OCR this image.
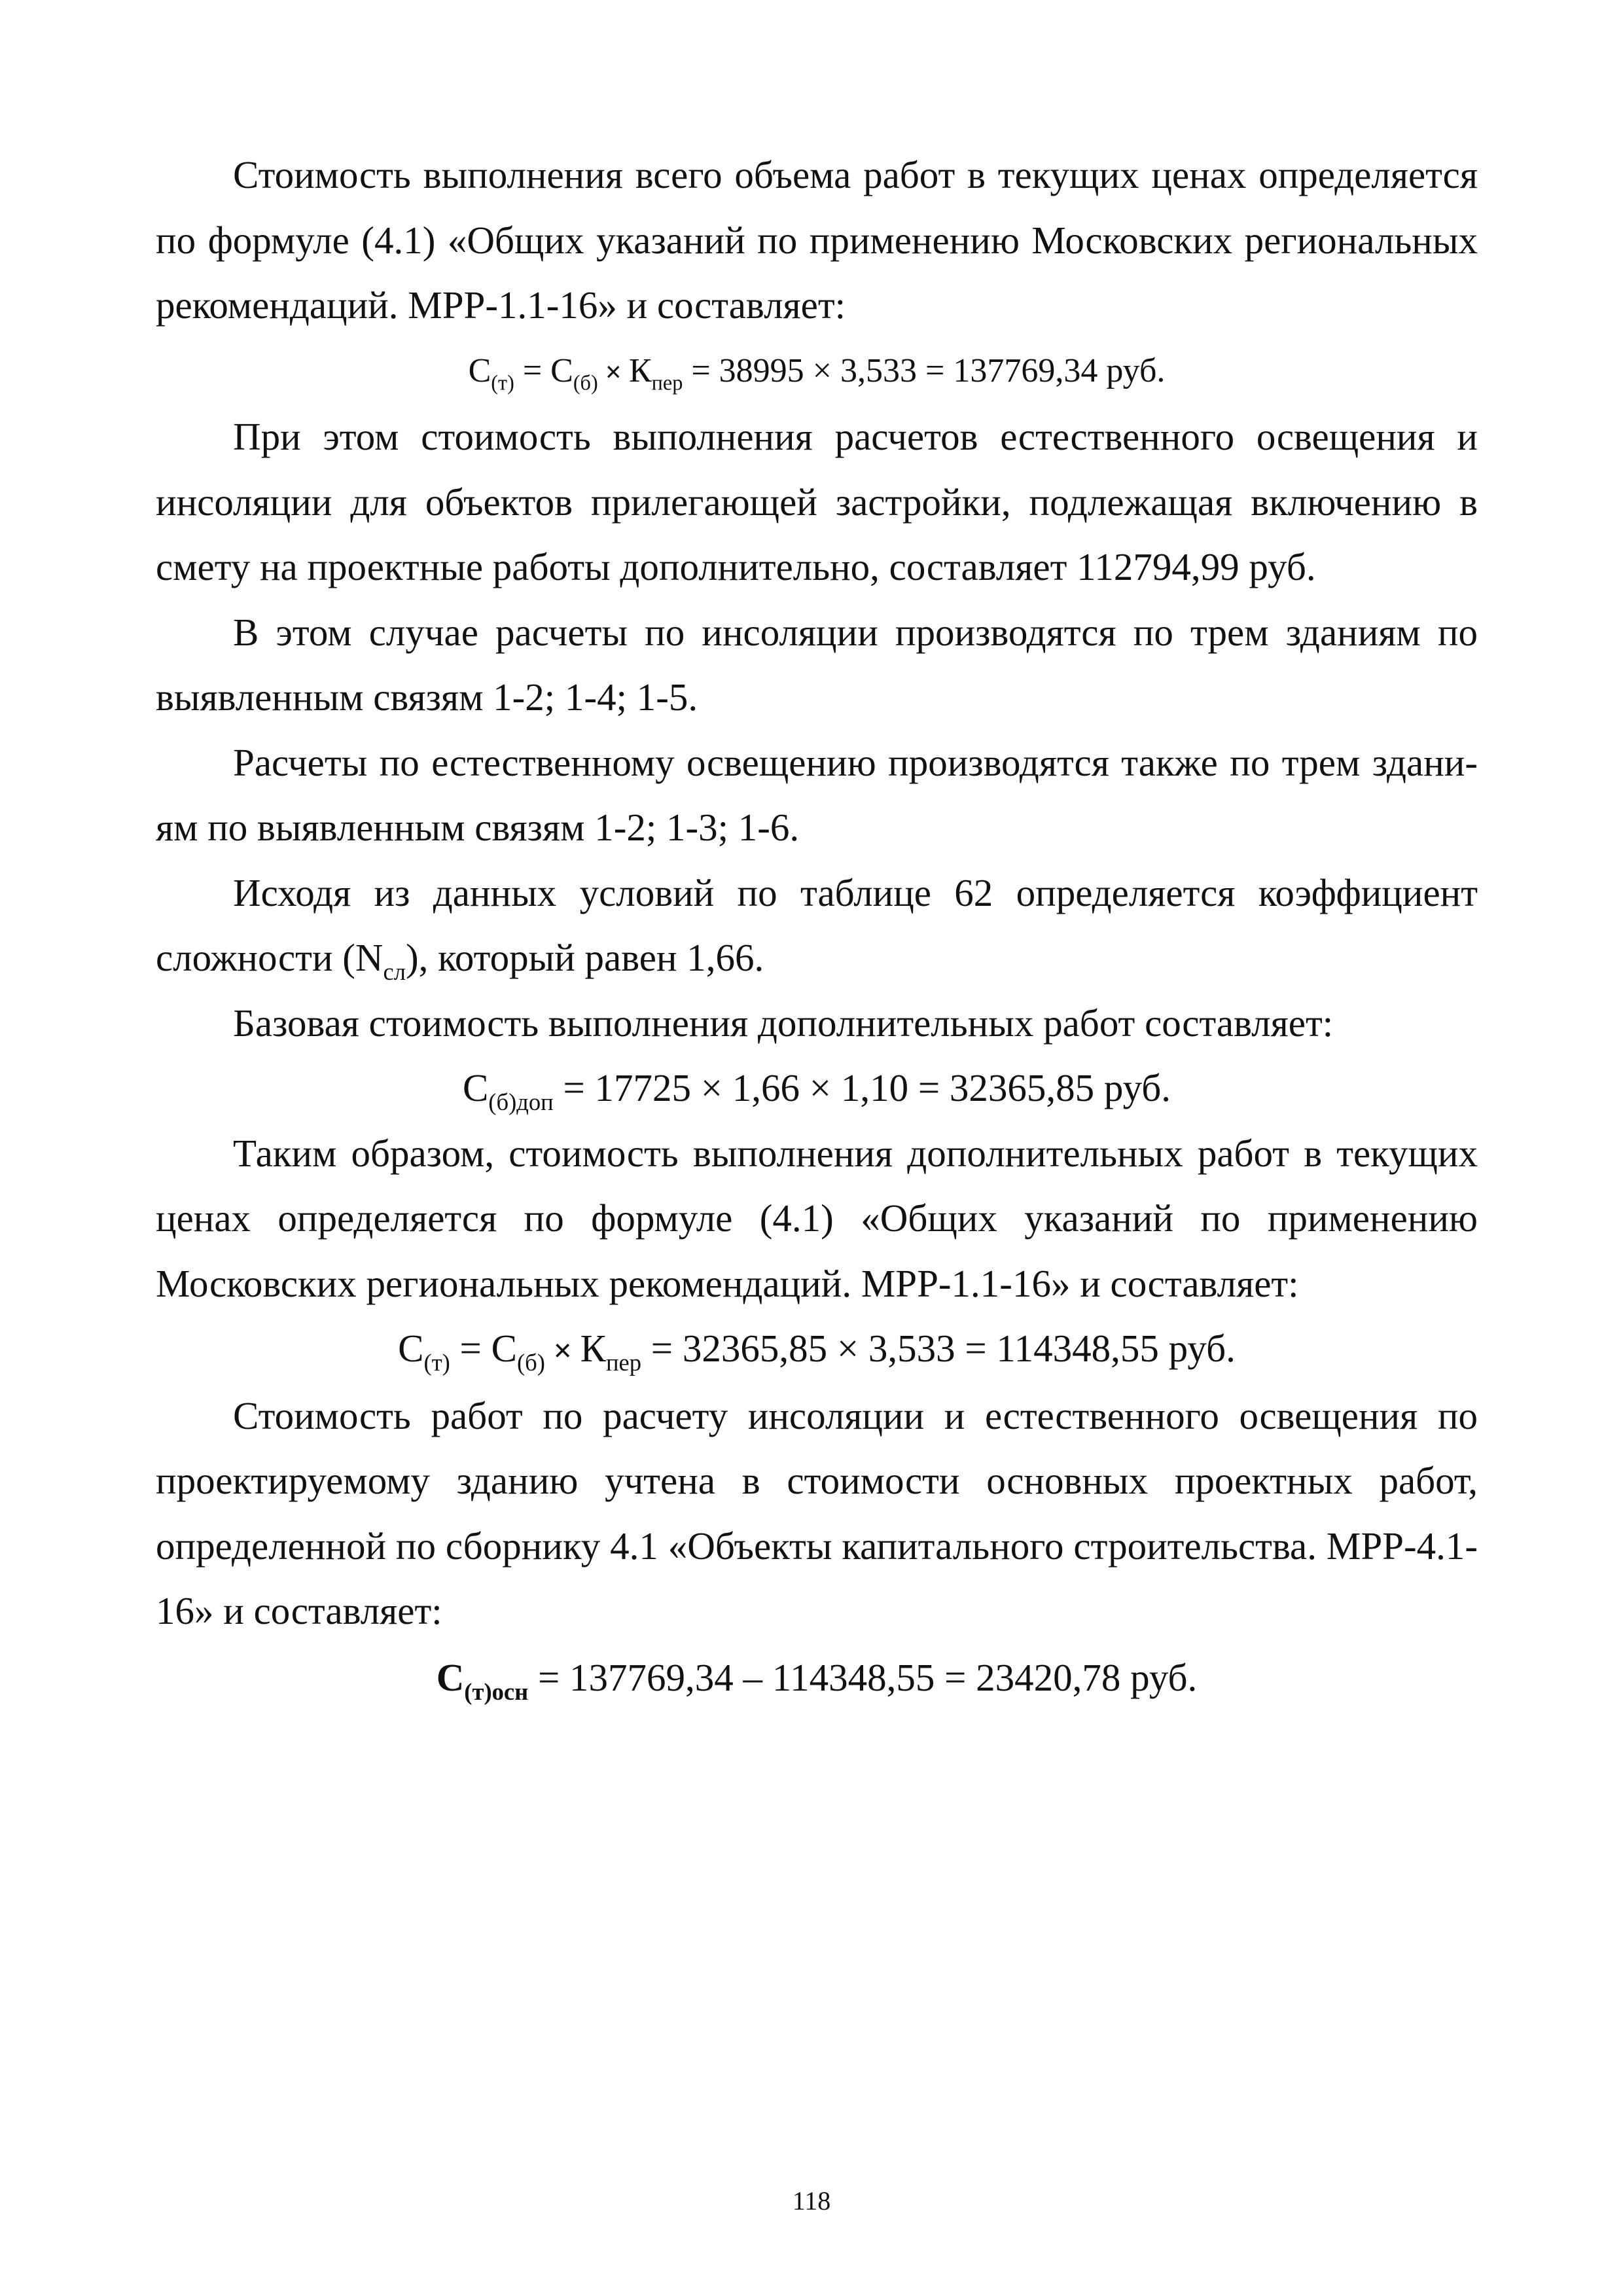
Стоимость выполнения всего объема работ в текущих ценах определяется по формуле (4.1) «Общих указаний по применению Московских региональных рекомендаций. МРР-1.1-16» и составляет:

$С_{(т)} = С_{(б)} \times К_{пер} = 38995 \times 3,533 = 137769,34$ руб.

При этом стоимость выполнения расчетов естественного освещения и инсоляции для объектов прилегающей застройки, подлежащая включению в смету на проектные работы дополнительно, составляет 112794,99 руб.

В этом случае расчеты по инсоляции производятся по трем зданиям по выявленным связям 1-2; 1-4; 1-5.

Расчеты по естественному освещению производятся также по трем здани-ям по выявленным связям 1-2; 1-3; 1-6.

Исходя из данных условий по таблице 62 определяется коэффициент сложности $(N_{сл})$, который равен 1,66.

Базовая стоимость выполнения дополнительных работ составляет:

$С_{(б)доп} = 17725 \times 1,66 \times 1,10 = 32365,85$ руб.

Таким образом, стоимость выполнения дополнительных работ в текущих ценах определяется по формуле (4.1) «Общих указаний по применению Московских региональных рекомендаций. МРР-1.1-16» и составляет:

$С_{(т)} = С_{(б)} \times К_{пер} = 32365,85 \times 3,533 = 114348,55$ руб.

Стоимость работ по расчету инсоляции и естественного освещения по проектируемому зданию учтена в стоимости основных проектных работ, определенной по сборнику 4.1 «Объекты капитального строительства. МРР-4.1-16» и составляет:

$С_{(т)осн} = 137769,34 - 114348,55 = 23420,78$ руб.

118
